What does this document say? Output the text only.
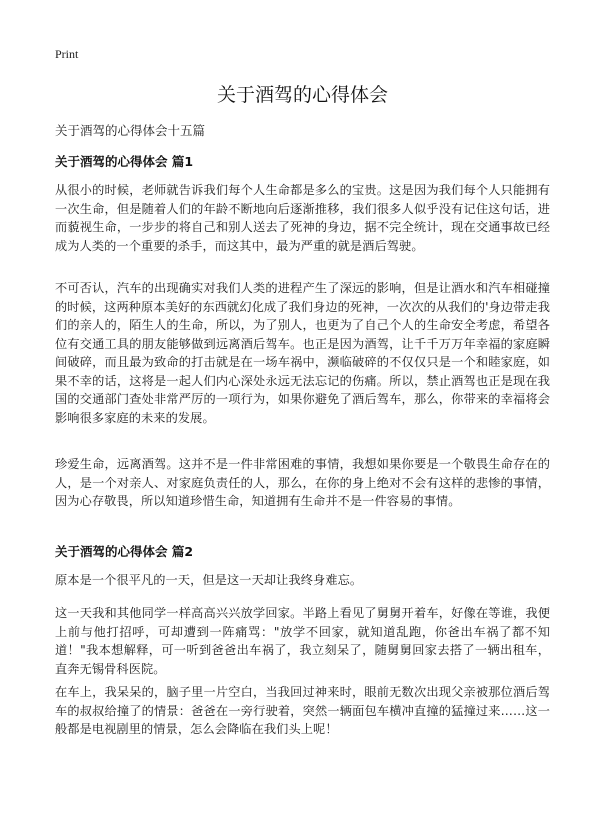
Print
关于酒驾的心得体会
关于酒驾的心得体会十五篇
关于酒驾的心得体会 篇1

从很小的时候，老师就告诉我们每个人生命都是多么的宝贵。这是因为我们每个人只能拥有一次生命，但是随着人们的年龄不断地向后逐渐推移，我们很多人似乎没有记住这句话，进而藐视生命，一步步的将自己和别人送去了死神的身边，据不完全统计，现在交通事故已经成为人类的一个重要的杀手，而这其中，最为严重的就是酒后驾驶。

不可否认，汽车的出现确实对我们人类的进程产生了深远的影响，但是让酒水和汽车相碰撞的时候，这两种原本美好的东西就幻化成了我们身边的死神，一次次的从我们的'身边带走我们的亲人的，陌生人的生命，所以，为了别人，也更为了自己个人的生命安全考虑，希望各位有交通工具的朋友能够做到远离酒后驾车。也正是因为酒驾，让千千万万年幸福的家庭瞬间破碎，而且最为致命的打击就是在一场车祸中，濒临破碎的不仅仅只是一个和睦家庭，如果不幸的话，这将是一起人们内心深处永远无法忘记的伤痛。所以，禁止酒驾也正是现在我国的交通部门查处非常严厉的一项行为，如果你避免了酒后驾车，那么，你带来的幸福将会影响很多家庭的未来的发展。

珍爱生命，远离酒驾。这并不是一件非常困难的事情，我想如果你要是一个敬畏生命存在的人，是一个对亲人、对家庭负责任的人，那么，在你的身上绝对不会有这样的悲惨的事情，因为心存敬畏，所以知道珍惜生命，知道拥有生命并不是一件容易的事情。

关于酒驾的心得体会 篇2

原本是一个很平凡的一天，但是这一天却让我终身难忘。

这一天我和其他同学一样高高兴兴放学回家。半路上看见了舅舅开着车，好像在等谁，我便上前与他打招呼，可却遭到一阵痛骂："放学不回家，就知道乱跑，你爸出车祸了都不知道！"我本想解释，可一听到爸爸出车祸了，我立刻呆了，随舅舅回家去搭了一辆出租车，直奔无锡骨科医院。

在车上，我呆呆的，脑子里一片空白，当我回过神来时，眼前无数次出现父亲被那位酒后驾车的叔叔给撞了的情景：爸爸在一旁行驶着，突然一辆面包车横冲直撞的猛撞过来……这一般都是电视剧里的情景，怎么会降临在我们头上呢！
